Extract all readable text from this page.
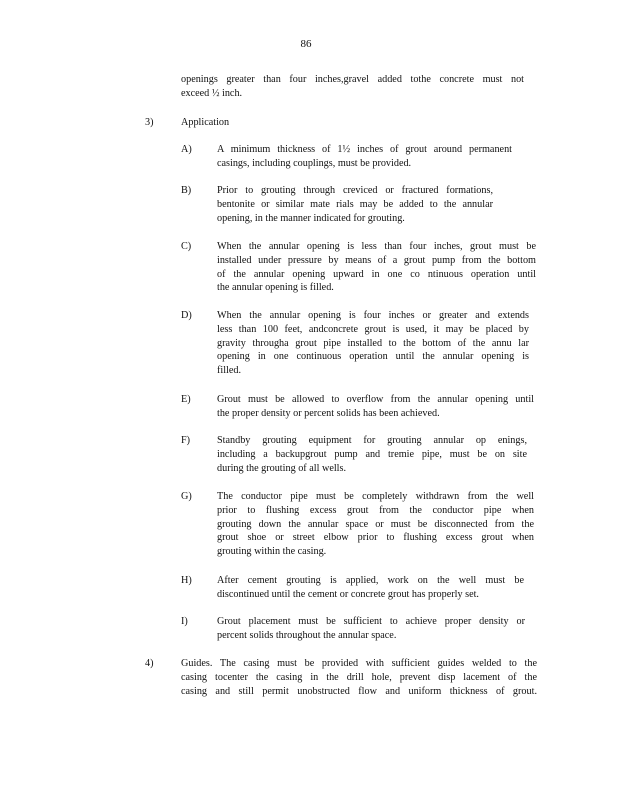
86
openings greater than four inches,gravel added tothe concrete must not
exceed ½ inch.
3)	Application
A) A minimum thickness of 1½ inches of grout around permanent
casings, including couplings, must be provided.
B)	Prior to grouting through creviced or fractured formations,
bentonite or similar mate rials may be added to the annular
opening, in the manner indicated for grouting.
C)	When the annular opening is less than four inches, grout must be
installed under pressure by means of a grout pump from the bottom
of the annular opening upward in one co ntinuous operation until
the annular opening is filled.
D) When the annular opening is four inches or greater and extends
less than 100 feet, andconcrete grout is used, it may be placed by
gravity througha grout pipe installed to the bottom of the annu lar
opening in one continuous operation until the annular opening is
filled.
E)	Grout must be allowed to overflow from the annular opening until
the proper density or percent solids has been achieved.
F)	Standby grouting equipment for grouting annular op enings,
including a backupgrout pump and tremie pipe, must be on site
during the grouting of all wells.
G) The conductor pipe must be completely withdrawn from the well
prior to flushing excess grout from the conductor pipe when
grouting down the annular space or must be disconnected from the
grout shoe or street elbow prior to flushing excess grout when
grouting within the casing.
H) After cement grouting is applied, work on the well must be
discontinued until the cement or concrete grout has properly set.
I)	Grout placement must be sufficient to achieve proper density or
percent solids throughout the annular space.
4)	Guides. The casing must be provided with sufficient guides welded to the
casing tocenter the casing in the drill hole, prevent disp lacement of the
casing and still permit unobstructed flow and uniform thickness of grout.
